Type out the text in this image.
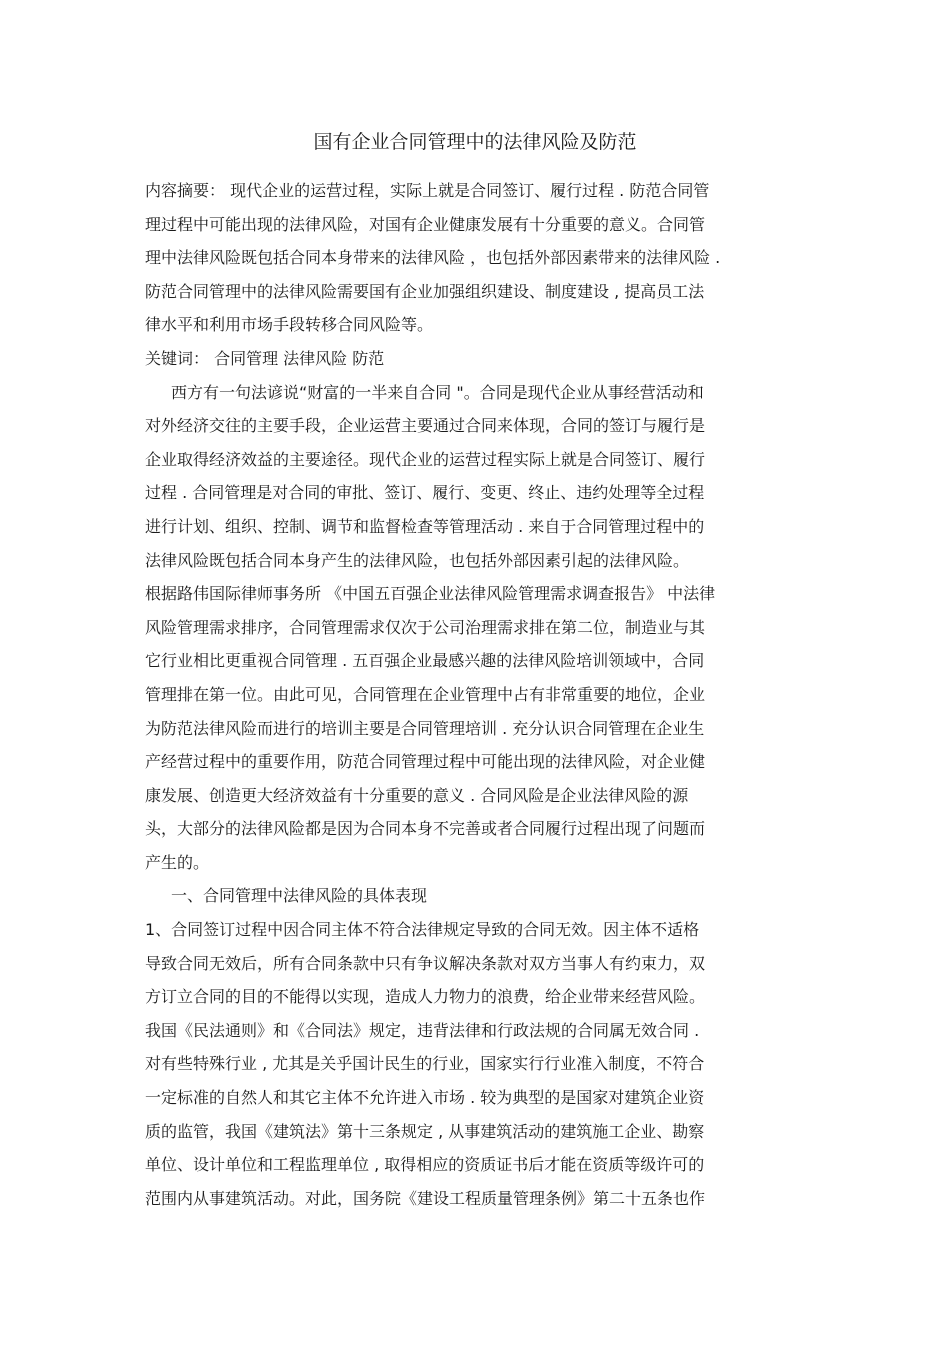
国有企业合同管理中的法律风险及防范
内容摘要： 现代企业的运营过程，实际上就是合同签订、履行过程 . 防范合同管
理过程中可能出现的法律风险，对国有企业健康发展有十分重要的意义。合同管
理中法律风险既包括合同本身带来的法律风险 ，也包括外部因素带来的法律风险 .
防范合同管理中的法律风险需要国有企业加强组织建设、制度建设 , 提高员工法
律水平和利用市场手段转移合同风险等。
关键词： 合同管理 法律风险 防范
西方有一句法谚说“财富的一半来自合同 "。合同是现代企业从事经营活动和
对外经济交往的主要手段，企业运营主要通过合同来体现，合同的签订与履行是
企业取得经济效益的主要途径。现代企业的运营过程实际上就是合同签订、履行
过程 . 合同管理是对合同的审批、签订、履行、变更、终止、违约处理等全过程
进行计划、组织、控制、调节和监督检查等管理活动 . 来自于合同管理过程中的
法律风险既包括合同本身产生的法律风险，也包括外部因素引起的法律风险。
根据路伟国际律师事务所 《中国五百强企业法律风险管理需求调查报告》 中法律
风险管理需求排序，合同管理需求仅次于公司治理需求排在第二位，制造业与其
它行业相比更重视合同管理 . 五百强企业最感兴趣的法律风险培训领域中，合同
管理排在第一位。由此可见，合同管理在企业管理中占有非常重要的地位，企业
为防范法律风险而进行的培训主要是合同管理培训 . 充分认识合同管理在企业生
产经营过程中的重要作用，防范合同管理过程中可能出现的法律风险，对企业健
康发展、创造更大经济效益有十分重要的意义 . 合同风险是企业法律风险的源
头，大部分的法律风险都是因为合同本身不完善或者合同履行过程出现了问题而
产生的。
一、合同管理中法律风险的具体表现
1、合同签订过程中因合同主体不符合法律规定导致的合同无效。因主体不适格
导致合同无效后，所有合同条款中只有争议解决条款对双方当事人有约束力，双
方订立合同的目的不能得以实现，造成人力物力的浪费，给企业带来经营风险。
我国《民法通则》和《合同法》规定，违背法律和行政法规的合同属无效合同 .
对有些特殊行业 , 尤其是关乎国计民生的行业，国家实行行业准入制度，不符合
一定标准的自然人和其它主体不允许进入市场 . 较为典型的是国家对建筑企业资
质的监管，我国《建筑法》第十三条规定 , 从事建筑活动的建筑施工企业、勘察
单位、设计单位和工程监理单位 , 取得相应的资质证书后才能在资质等级许可的
范围内从事建筑活动。对此，国务院《建设工程质量管理条例》第二十五条也作
